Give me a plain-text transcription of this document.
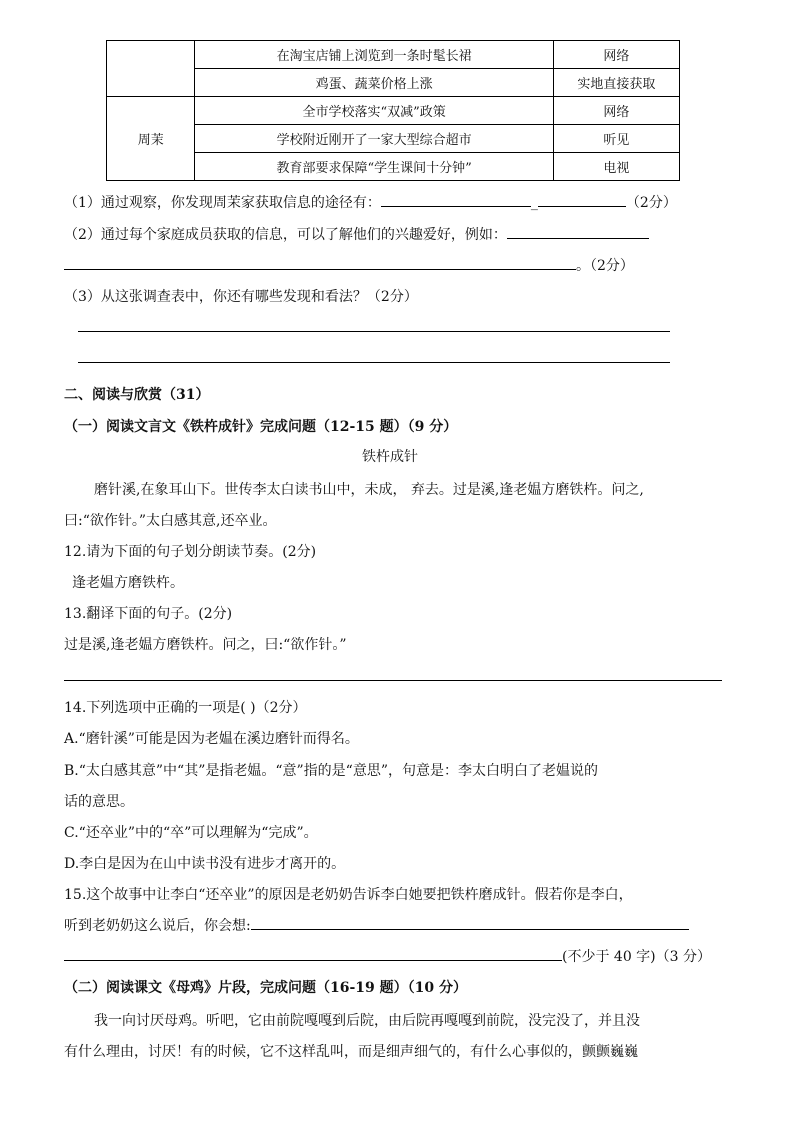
	在淘宝店铺上浏览到一条时髦长裙	网络
	鸡蛋、蔬菜价格上涨	实地直接获取
周茉	全市学校落实“双减”政策	网络
	学校附近刚开了一家大型综合超市	听见
	教育部要求保障“学生课间十分钟”	电视
（1）通过观察，你发现周茉家获取信息的途径有：	_	（2分）
（2）通过每个家庭成员获取的信息，可以了解他们的兴趣爱好，例如：
。（2分）
（3）从这张调查表中，你还有哪些发现和看法？（2分）
二、阅读与欣赏（31）
（一）阅读文言文《铁杵成针》完成问题（12-15 题）（9 分）
铁杵成针
磨针溪,在象耳山下。世传李太白读书山中，未成， 弃去。过是溪,逢老媪方磨铁杵。问之,
曰:“欲作针。”太白感其意,还卒业。
12.请为下面的句子划分朗读节奏。(2分)
逢老媪方磨铁杵。
13.翻译下面的句子。(2分)
过是溪,逢老媪方磨铁杵。问之，曰:“欲作针。”
14.下列选项中正确的一项是( )（2分）
A.“磨针溪”可能是因为老媪在溪边磨针而得名。
B.“太白感其意”中“其”是指老媪。“意”指的是“意思”，句意是：李太白明白了老媪说的
话的意思。
C.“还卒业”中的“卒”可以理解为“完成”。
D.李白是因为在山中读书没有进步才离开的。
15.这个故事中让李白“还卒业”的原因是老奶奶告诉李白她要把铁杵磨成针。假若你是李白，
听到老奶奶这么说后，你会想:
(不少于 40 字)（3 分）
（二）阅读课文《母鸡》片段，完成问题（16-19 题）（10 分）
我一向讨厌母鸡。听吧，它由前院嘎嘎到后院，由后院再嘎嘎到前院，没完没了，并且没
有什么理由，讨厌！有的时候，它不这样乱叫，而是细声细气的，有什么心事似的，颤颤巍巍
